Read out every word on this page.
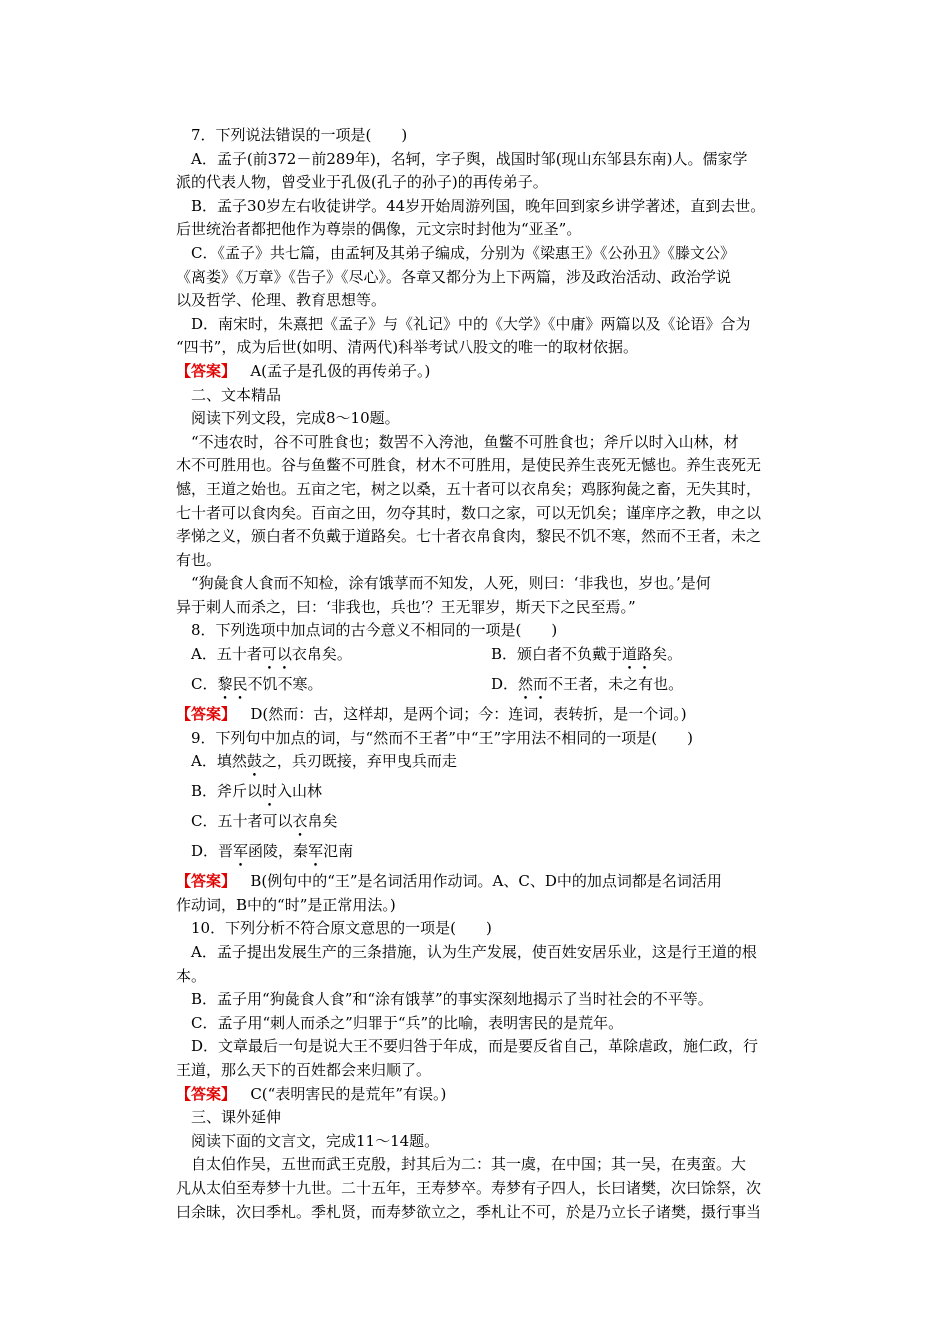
7．下列说法错误的一项是(　　)
A．孟子(前372－前289年)，名轲，字子舆，战国时邹(现山东邹县东南)人。儒家学
派的代表人物，曾受业于孔伋(孔子的孙子)的再传弟子。
B．孟子30岁左右收徒讲学。44岁开始周游列国，晚年回到家乡讲学著述，直到去世。
后世统治者都把他作为尊崇的偶像，元文宗时封他为“亚圣”。
C．《孟子》共七篇，由孟轲及其弟子编成，分别为《梁惠王》《公孙丑》《滕文公》
《离娄》《万章》《告子》《尽心》。各章又都分为上下两篇，涉及政治活动、政治学说
以及哲学、伦理、教育思想等。
D．南宋时，朱熹把《孟子》与《礼记》中的《大学》《中庸》两篇以及《论语》合为
“四书”，成为后世(如明、清两代)科举考试八股文的唯一的取材依据。
【答案】 A(孟子是孔伋的再传弟子。)
二、文本精品
阅读下列文段，完成8～10题。
“不违农时，谷不可胜食也；数罟不入洿池，鱼鳖不可胜食也；斧斤以时入山林，材
木不可胜用也。谷与鱼鳖不可胜食，材木不可胜用，是使民养生丧死无憾也。养生丧死无
憾，王道之始也。五亩之宅，树之以桑，五十者可以衣帛矣；鸡豚狗彘之畜，无失其时，
七十者可以食肉矣。百亩之田，勿夺其时，数口之家，可以无饥矣；谨庠序之教，申之以
孝悌之义，颁白者不负戴于道路矣。七十者衣帛食肉，黎民不饥不寒，然而不王者，未之
有也。
“狗彘食人食而不知检，涂有饿莩而不知发，人死，则曰：‘非我也，岁也。’是何
异于刺人而杀之，曰：‘非我也，兵也’？王无罪岁，斯天下之民至焉。”
8．下列选项中加点词的古今意义不相同的一项是(　　)
A．五十者可以衣帛矣。	B．颁白者不负戴于道路矣。
C．黎民不饥不寒。	D．然而不王者，未之有也。
【答案】 D(然而：古，这样却，是两个词；今：连词，表转折，是一个词。)
9．下列句中加点的词，与“然而不王者”中“王”字用法不相同的一项是(　　)
A．填然鼓之，兵刃既接，弃甲曳兵而走
B．斧斤以时入山林
C．五十者可以衣帛矣
D．晋军函陵，秦军氾南
【答案】 B(例句中的“王”是名词活用作动词。A、C、D中的加点词都是名词活用
作动词，B中的“时”是正常用法。)
10．下列分析不符合原文意思的一项是(　　)
A．孟子提出发展生产的三条措施，认为生产发展，使百姓安居乐业，这是行王道的根
本。
B．孟子用“狗彘食人食”和“涂有饿莩”的事实深刻地揭示了当时社会的不平等。
C．孟子用“刺人而杀之”归罪于“兵”的比喻，表明害民的是荒年。
D．文章最后一句是说大王不要归咎于年成，而是要反省自己，革除虐政，施仁政，行
王道，那么天下的百姓都会来归顺了。
【答案】 C(“表明害民的是荒年”有误。)
三、课外延伸
阅读下面的文言文，完成11～14题。
自太伯作吴，五世而武王克殷，封其后为二：其一虞，在中国；其一吴，在夷蛮。大
凡从太伯至寿梦十九世。二十五年，王寿梦卒。寿梦有子四人，长曰诸樊，次曰馀祭，次
曰余昧，次曰季札。季札贤，而寿梦欲立之，季札让不可，於是乃立长子诸樊，摄行事当
